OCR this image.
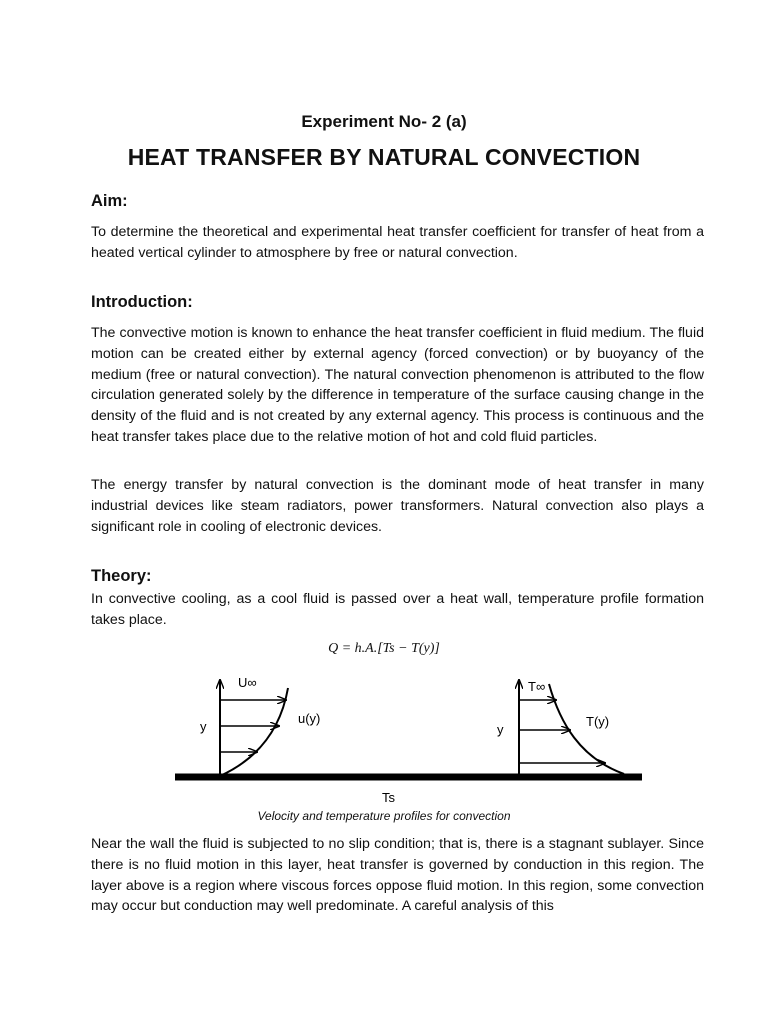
Experiment No- 2 (a)
HEAT TRANSFER BY NATURAL CONVECTION
Aim:

To determine the theoretical and experimental heat transfer coefficient for transfer of heat from a heated vertical cylinder to atmosphere by free or natural convection.

Introduction:

The convective motion is known to enhance the heat transfer coefficient in fluid medium. The fluid motion can be created either by external agency (forced convection) or by buoyancy of the medium (free or natural convection). The natural convection phenomenon is attributed to the flow circulation generated solely by the difference in temperature of the surface causing change in the density of the fluid and is not created by any external agency. This process is continuous and the heat transfer takes place due to the relative motion of hot and cold fluid particles.

The energy transfer by natural convection is the dominant mode of heat transfer in many industrial devices like steam radiators, power transformers. Natural convection also plays a significant role in cooling of electronic devices.

Theory:

In convective cooling, as a cool fluid is passed over a heat wall, temperature profile formation takes place.

Q = h.A.[Ts − T(y)]
U∞
u(y)
y
T∞
T(y)
y
Ts
Velocity and temperature profiles for convection

Near the wall the fluid is subjected to no slip condition; that is, there is a stagnant sublayer. Since there is no fluid motion in this layer, heat transfer is governed by conduction in this region. The layer above is a region where viscous forces oppose fluid motion. In this region, some convection may occur but conduction may well predominate. A careful analysis of this
